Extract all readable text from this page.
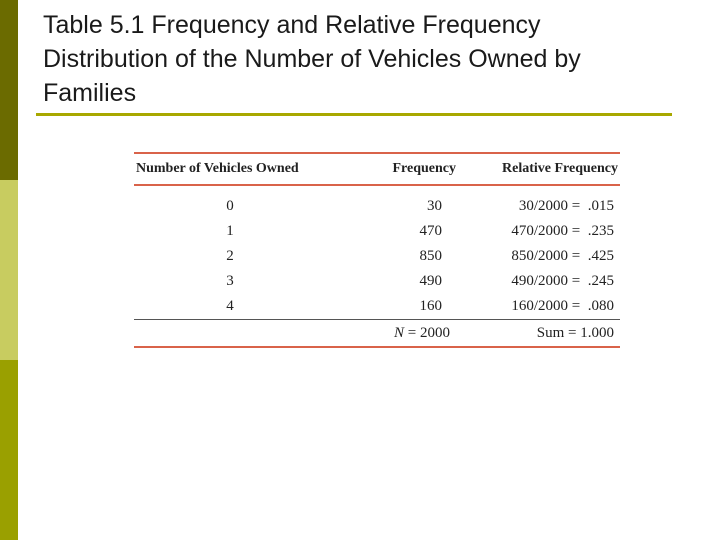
Table 5.1 Frequency and Relative Frequency
Distribution of the Number of Vehicles Owned by
Families
Number of Vehicles Owned	Frequency	Relative Frequency
0	30	30/2000 =  .015
1	470	470/2000 =  .235
2	850	850/2000 =  .425
3	490	490/2000 =  .245
4	160	160/2000 =  .080
	N = 2000	Sum = 1.000
